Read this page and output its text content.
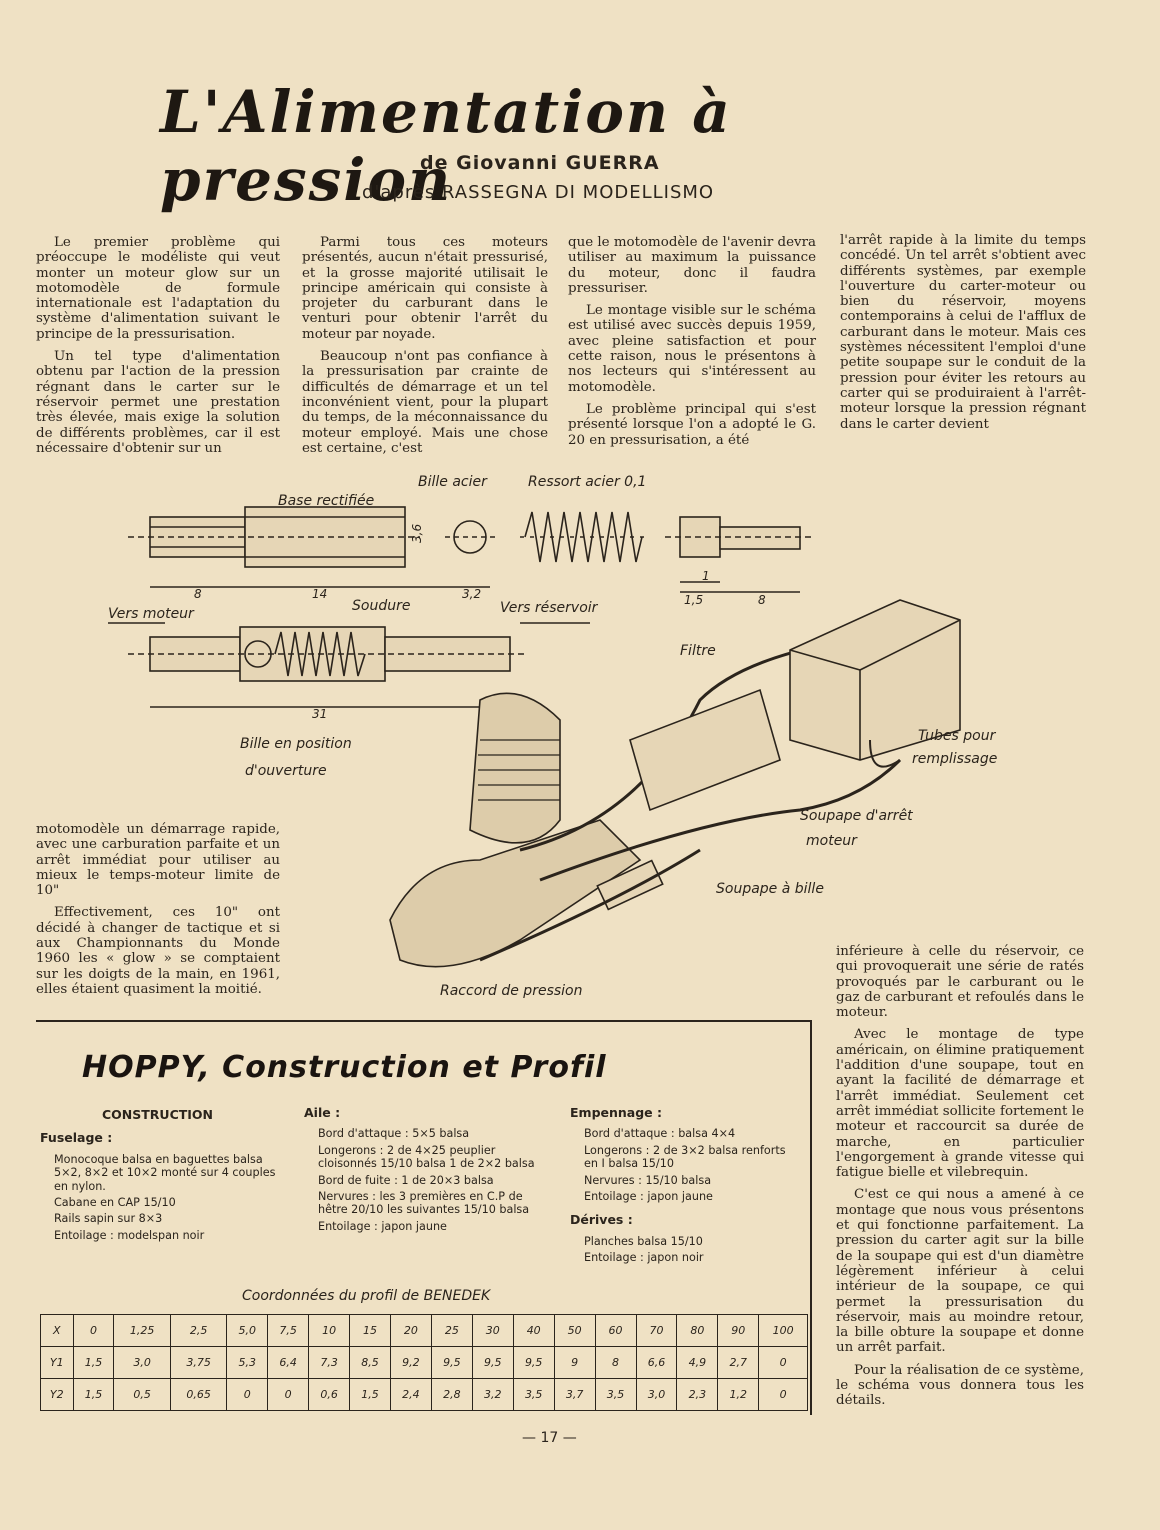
L'Alimentation à pression
de Giovanni GUERRA
d'après RASSEGNA DI MODELLISMO

Le premier problème qui préoccupe le modéliste qui veut monter un moteur glow sur un motomodèle de formule internationale est l'adaptation du système d'alimentation suivant le principe de la pressurisation.

Un tel type d'alimentation obtenu par l'action de la pression régnant dans le carter sur le réservoir permet une prestation très élevée, mais exige la solution de différents problèmes, car il est nécessaire d'obtenir sur un

Parmi tous ces moteurs présentés, aucun n'était pressurisé, et la grosse majorité utilisait le principe américain qui consiste à projeter du carburant dans le venturi pour obtenir l'arrêt du moteur par noyade.

Beaucoup n'ont pas confiance à la pressurisation par crainte de difficultés de démarrage et un tel inconvénient vient, pour la plupart du temps, de la méconnaissance du moteur employé. Mais une chose est certaine, c'est

que le motomodèle de l'avenir devra utiliser au maximum la puissance du moteur, donc il faudra pressuriser.

Le montage visible sur le schéma est utilisé avec succès depuis 1959, avec pleine satisfaction et pour cette raison, nous le présentons à nos lecteurs qui s'intéressent au motomodèle.

Le problème principal qui s'est présenté lorsque l'on a adopté le G. 20 en pressurisation, a été

l'arrêt rapide à la limite du temps concédé. Un tel arrêt s'obtient avec différents systèmes, par exemple l'ouverture du carter-moteur ou bien du réservoir, moyens contemporains à celui de l'afflux de carburant dans le moteur. Mais ces systèmes nécessitent l'emploi d'une petite soupape sur le conduit de la pression pour éviter les retours au carter qui se produiraient à l'arrêt-moteur lorsque la pression régnant dans le carter devient

Bille acier	Ressort acier 0,1
Base rectifiée
Vers moteur	Soudure	Vers réservoir
Bille en position
d'ouverture
Filtre
Tubes pour
remplissage
Soupape d'arrêt
moteur
Soupape à bille
Raccord de pression
8	14	3,2
1
1,5	8
31
3,6

motomodèle un démarrage rapide, avec une carburation parfaite et un arrêt immédiat pour utiliser au mieux le temps-moteur limite de 10"

Effectivement, ces 10" ont décidé à changer de tactique et si aux Championnants du Monde 1960 les « glow » se comptaient sur les doigts de la main, en 1961, elles étaient quasiment la moitié.

inférieure à celle du réservoir, ce qui provoquerait une série de ratés provoqués par le carburant ou le gaz de carburant et refoulés dans le moteur.

Avec le montage de type américain, on élimine pratiquement l'addition d'une soupape, tout en ayant la facilité de démarrage et l'arrêt immédiat. Seulement cet arrêt immédiat sollicite fortement le moteur et raccourcit sa durée de marche, en particulier l'engorgement à grande vitesse qui fatigue bielle et vilebrequin.

C'est ce qui nous a amené à ce montage que nous vous présentons et qui fonctionne parfaitement. La pression du carter agit sur la bille de la soupape qui est d'un diamètre légèrement inférieur à celui intérieur de la soupape, ce qui permet la pressurisation du réservoir, mais au moindre retour, la bille obture la soupape et donne un arrêt parfait.

Pour la réalisation de ce système, le schéma vous donnera tous les détails.

HOPPY, Construction et Profil
CONSTRUCTION
Fuselage :
Monocoque balsa en baguettes balsa 5×2, 8×2 et 10×2 monté sur 4 couples en nylon.
Cabane en CAP 15/10
Rails sapin sur 8×3
Entoilage : modelspan noir
Aile :
Bord d'attaque : 5×5 balsa
Longerons : 2 de 4×25 peuplier cloisonnés 15/10 balsa 1 de 2×2 balsa
Bord de fuite : 1 de 20×3 balsa
Nervures : les 3 premières en C.P de hêtre 20/10 les suivantes 15/10 balsa
Entoilage : japon jaune
Empennage :
Bord d'attaque : balsa 4×4
Longerons : 2 de 3×2 balsa renforts en I balsa 15/10
Nervures : 15/10 balsa
Entoilage : japon jaune
Dérives :
Planches balsa 15/10
Entoilage : japon noir
Coordonnées du profil de BENEDEK
X	0	1,25	2,5	5,0	7,5	10	15	20	25	30	40	50	60	70	80	90	100
Y1	1,5	3,0	3,75	5,3	6,4	7,3	8,5	9,2	9,5	9,5	9,5	9	8	6,6	4,9	2,7	0
Y2	1,5	0,5	0,65	0	0	0,6	1,5	2,4	2,8	3,2	3,5	3,7	3,5	3,0	2,3	1,2	0
— 17 —
